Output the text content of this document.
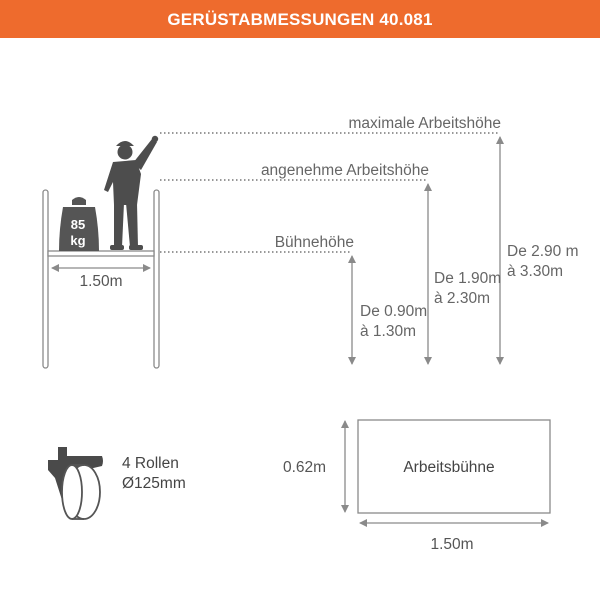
GERÜSTABMESSUNGEN 40.081
85
kg
1.50m
maximale Arbeitshöhe
angenehme Arbeitshöhe
Bühnehöhe
De 0.90m
à 1.30m
De 1.90m
à 2.30m
De 2.90 m
à 3.30m
4 Rollen
Ø125mm
Arbeitsbühne
0.62m
1.50m
